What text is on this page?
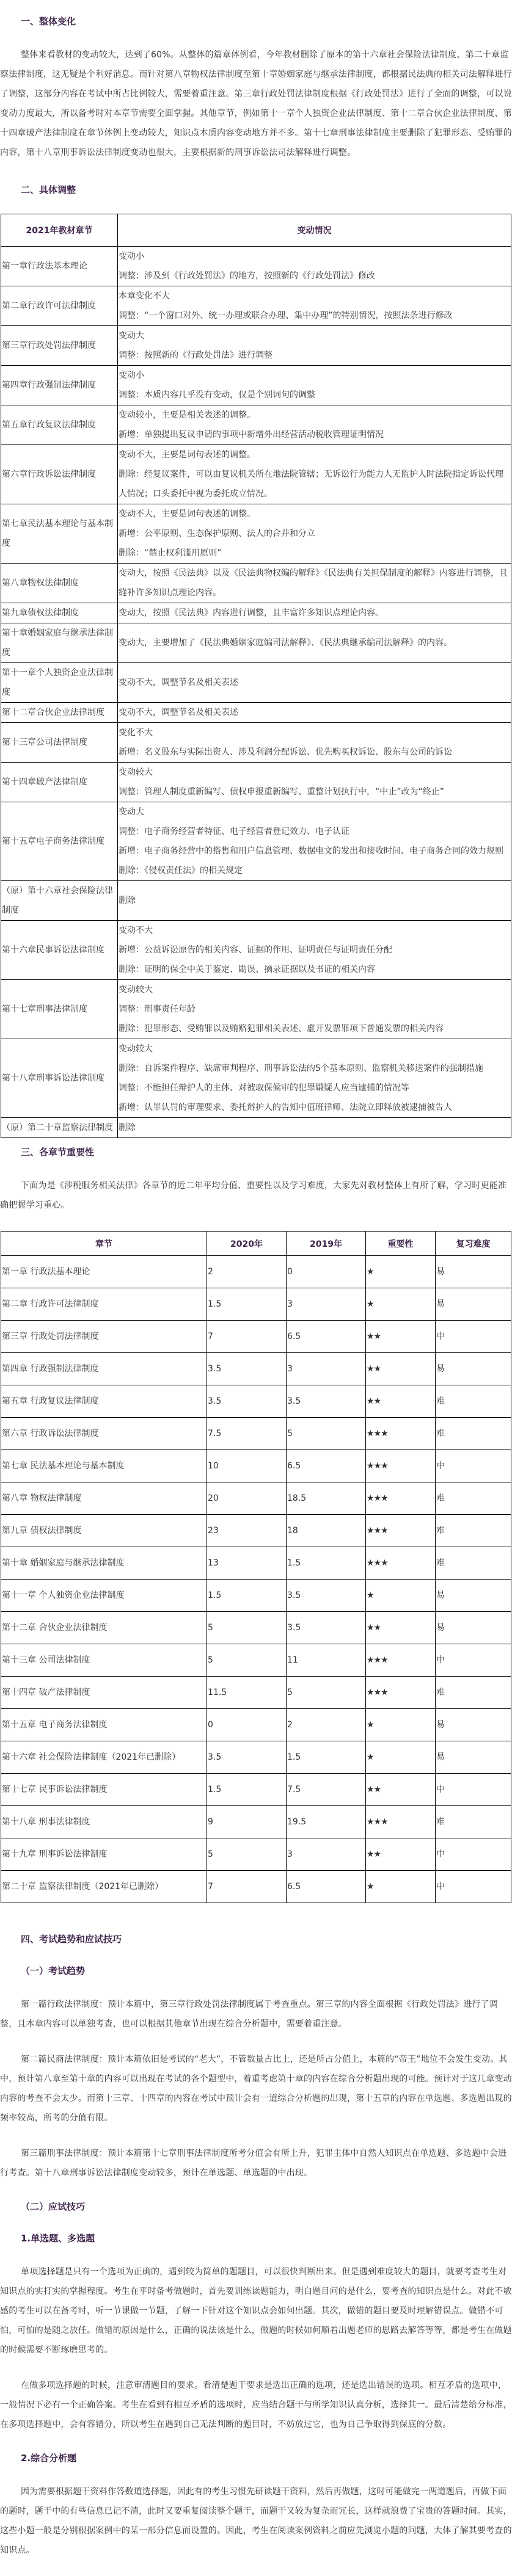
一、整体变化

整体来看教材的变动较大，达到了60%。从整体的篇章体例看，今年教材删除了原本的第十六章社会保险法律制度、第二十章监察法律制度，这无疑是个利好消息。而针对第八章物权法律制度至第十章婚姻家庭与继承法律制度，都根据民法典的相关司法解释进行了调整，这部分内容在考试中所占比例较大，需要着重注意。第三章行政处罚法律制度根据《行政处罚法》进行了全面的调整，可以说变动力度最大，所以备考时对本章节需要全面掌握。其他章节，例如第十一章个人独资企业法律制度、第十二章合伙企业法律制度、第十四章破产法律制度在章节体例上变动较大，知识点本质内容变动地方并不多。第十七章刑事法律制度主要删除了犯罪形态、受贿罪的内容，第十八章刑事诉讼法律制度变动也很大，主要根据新的刑事诉讼法司法解释进行调整。

二、具体调整
2021年教材章节	变动情况
第一章行政法基本理论	变动小
调整：涉及到《行政处罚法》的地方，按照新的《行政处罚法》修改

第二章行政许可法律制度	本章变化不大
调整：“一个窗口对外、统一办理或联合办理、集中办理”的特别情况，按照法条进行修改

第三章行政处罚法律制度	变动大
调整：按照新的《行政处罚法》进行调整

第四章行政强制法律制度	变动小
调整：本质内容几乎没有变动，仅是个别词句的调整

第五章行政复议法律制度	变动较小，主要是相关表述的调整。
新增：单独提出复议申请的事项中新增外出经营活动税收管理证明情况

第六章行政诉讼法律制度	变动不大，主要是词句表述的调整。
删除：经复议案件，可以由复议机关所在地法院管辖；无诉讼行为能力人无监护人时法院指定诉讼代理人情况；口头委托中视为委托成立情况。

第七章民法基本理论与基本制度	变动不大，主要是词句表述的调整。
新增：公平原则、生态保护原则、法人的合并和分立
删除：“禁止权利滥用原则”

第八章物权法律制度	变动大，按照《民法典》以及《民法典物权编的解释》《民法典有关担保制度的解释》内容进行调整，且缝补许多知识点理论内容。

第九章债权法律制度	变动大，按照《民法典》内容进行调整，且丰富许多知识点理论内容。

第十章婚姻家庭与继承法律制度	变动大，主要增加了《民法典婚姻家庭编司法解释》、《民法典继承编司法解释》的内容。

第十一章个人独资企业法律制度	变动不大，调整节名及相关表述

第十二章合伙企业法律制度	变动不大，调整节名及相关表述

第十三章公司法律制度	变化不大
新增：名义股东与实际出资人、涉及利润分配诉讼、优先购买权诉讼、股东与公司的诉讼

第十四章破产法律制度	变动较大
调整：管理人制度重新编写、债权申报重新编写、重整计划执行中，“中止”改为“终止”

第十五章电子商务法律制度	变动大
调整：电子商务经营者特征、电子经营者登记效力、电子认证
新增：电子商务经营中的搭售和用户信息管理、数据电文的发出和接收时间、电子商务合同的效力规则
删除：《侵权责任法》的相关规定

（原）第十六章社会保险法律制度	删除

第十六章民事诉讼法律制度	变动不大
新增：公益诉讼原告的相关内容、证据的作用、证明责任与证明责任分配
删除：证明的保全中关于鉴定、勘误、摘录证据以及书证的相关内容

第十七章刑事法律制度	变动较大
调整：刑事责任年龄
删除：犯罪形态、受贿罪以及贿赂犯罪相关表述、虚开发票罪项下普通发票的相关内容

第十八章刑事诉讼法律制度	变动较大
删除：自诉案件程序、缺席审判程序、刑事诉讼法的5个基本原则、监察机关移送案件的强制措施
调整：不能担任辩护人的主体、对被取保候审的犯罪嫌疑人应当逮捕的情况等
新增：认罪认罚的审理要求、委托辩护人的告知中值班律师、法院立即释放被逮捕被告人

（原）第二十章监察法律制度	删除
三、各章节重要性

下面为是《涉税服务相关法律》各章节的近二年平均分值、重要性以及学习难度，大家先对教材整体上有所了解，学习时更能准确把握学习重心。

章节	2020年	2019年	重要性	复习难度
第一章 行政法基本理论	2	0	★	易
第二章 行政许可法律制度	1.5	3	★	易
第三章 行政处罚法律制度	7	6.5	★★	中
第四章 行政强制法律制度	3.5	3	★★	易
第五章 行政复议法律制度	3.5	3.5	★★	难
第六章 行政诉讼法律制度	7.5	5	★★★	难
第七章 民法基本理论与基本制度	10	6.5	★★★	中
第八章 物权法律制度	20	18.5	★★★	难
第九章 债权法律制度	23	18	★★★	难
第十章 婚姻家庭与继承法律制度	13	1.5	★★★	难
第十一章 个人独资企业法律制度	1.5	3.5	★	易
第十二章 合伙企业法律制度	5	3.5	★★	易
第十三章 公司法律制度	5	11	★★★	中
第十四章 破产法律制度	11.5	5	★★★	难
第十五章 电子商务法律制度	0	2	★	易
第十六章 社会保险法律制度（2021年已删除）	3.5	1.5	★	易
第十七章 民事诉讼法律制度	1.5	7.5	★★	中
第十八章 刑事法律制度	9	19.5	★★★	难
第十九章 刑事诉讼法律制度	5	3	★★	中
第二十章 监察法律制度（2021年已删除）	7	6.5	★	中
四、考试趋势和应试技巧
（一）考试趋势

第一篇行政法律制度：预计本篇中，第三章行政处罚法律制度属于考查重点。第三章的内容全面根据《行政处罚法》进行了调整，且本章内容可以单独考查，也可以根据其他章节出现在综合分析题中，需要着重注意。

第二篇民商法律制度：预计本篇依旧是考试的“老大”，不管数量占比上，还是所占分值上，本篇的“帝王”地位不会发生变动。其中，预计第八章至第十章的内容可以出现在考试的各个题型中，着重考虑第十章的内容在综合分析题出现的可能。预计对于这几章变动内容的考查不会太少。而第十三章、十四章的内容在考试中预计会有一道综合分析题的出现，第十五章的内容在单选题、多选题出现的频率较高，所考的分值有限。

第三篇刑事法律制度：预计本篇第十七章刑事法律制度所考分值会有所上升，犯罪主体中自然人知识点在单选题、多选题中会进行考查。第十八章刑事诉讼法律制度变动较多，预计在单选题、单选题的中出现。

（二）应试技巧
1.单选题、多选题

单项选择题是只有一个选项为正确的，遇到较为简单的题题目，可以很快判断出来。但是遇到难度较大的题目，就要考查考生对知识点的实打实的掌握程度。考生在平时备考做题时，首先要训练读题能力，明白题目问的是什么，要考查的知识点是什么。对此不敏感的考生可以在备考时，听一节课做一节题，了解一下针对这个知识点会如何出题。其次，做错的题目要及时理解错误点。做错不可怕，可怕的是随之放任。做错的原因是什么，正确的说法该是什么，做题的时候如何顺着出题老师的思路去解答等等，都是考生在做题的时候需要不断琢磨思考的。

在做多项选择题的时候，注意审清题目的要求。看清楚题干要求是选出正确的选项，还是选出错误的选项。相互矛盾的选项中，一般情况下必有一个正确答案。考生在看到有相互矛盾的选项时，应当结合题干与所学知识认真分析，选择其一。最后清楚给分标准，在多项选择题中，会有容错分，所以考生在遇到自己无法判断的题目时，不妨放过它，也为自己争取得到保底的分数。

2.综合分析题

因为需要根据题干资料作答数道选择题，因此有的考生习惯先研读题干资料，然后再做题，这时可能做完一两道题后，再做下面的题时，题干中的有些信息已记不清，此时又要重复阅读整个题干，而题干又较为复杂而冗长，这样就浪费了宝贵的答题时间。其实，这些小题一般是分别根据案例中的某一部分信息而设置的。因此，考生在阅读案例资料之前应先浏览小题的问题，大体了解其要考查的知识点。
